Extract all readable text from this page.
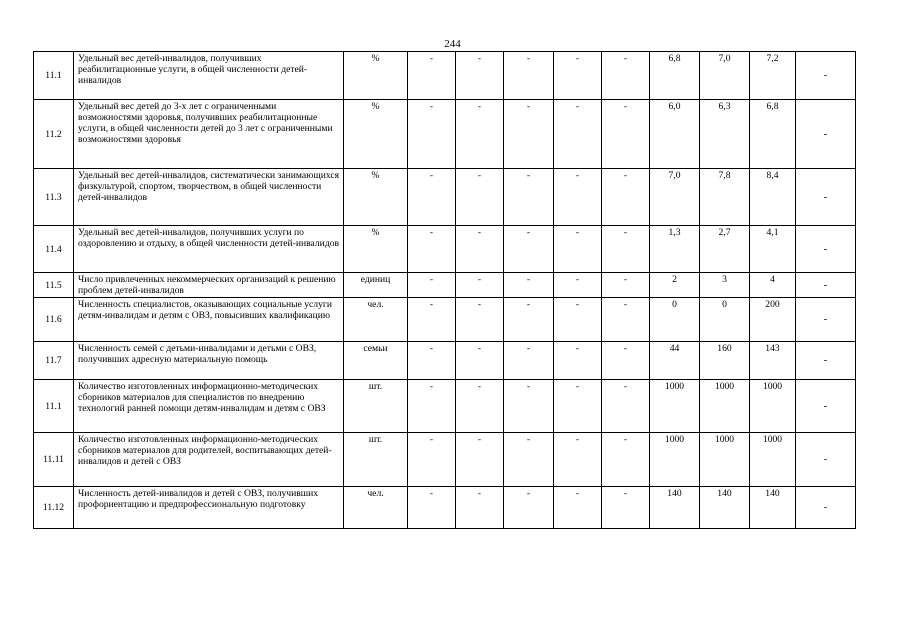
244
11.1	Удельный вес детей-инвалидов, получивших реабилитационные услуги, в общей численности детей-инвалидов	%	-	-	-	-	-	6,8	7,0	7,2	-
11.2	Удельный вес детей до 3-х лет с ограниченными возможностями здоровья, получивших реабилитационные услуги, в общей численности детей до 3 лет с ограниченными возможностями здоровья	%	-	-	-	-	-	6,0	6,3	6,8	-
11.3	Удельный вес детей-инвалидов, систематически занимающихся физкультурой, спортом, творчеством, в общей численности детей-инвалидов	%	-	-	-	-	-	7,0	7,8	8,4	-
11.4	Удельный вес детей-инвалидов, получивших услуги по оздоровлению и отдыху, в общей численности детей-инвалидов	%	-	-	-	-	-	1,3	2,7	4,1	-
11.5	Число привлеченных некоммерческих организаций к решению проблем детей-инвалидов	единиц	-	-	-	-	-	2	3	4	-
11.6	Численность специалистов, оказывающих социальные услуги детям-инвалидам и детям с ОВЗ, повысивших квалификацию	чел.	-	-	-	-	-	0	0	200	-
11.7	Численность семей с детьми-инвалидами и детьми с ОВЗ, получивших адресную материальную помощь	семьи	-	-	-	-	-	44	160	143	-
11.1	Количество изготовленных информационно-методических сборников материалов для специалистов по внедрению технологий ранней помощи детям-инвалидам и детям с ОВЗ	шт.	-	-	-	-	-	1000	1000	1000	-
11.11	Количество изготовленных информационно-методических сборников материалов для родителей, воспитывающих детей-инвалидов и детей с ОВЗ	шт.	-	-	-	-	-	1000	1000	1000	-
11.12	Численность детей-инвалидов и детей с ОВЗ, получивших профориентацию и предпрофессиональную подготовку	чел.	-	-	-	-	-	140	140	140	-
